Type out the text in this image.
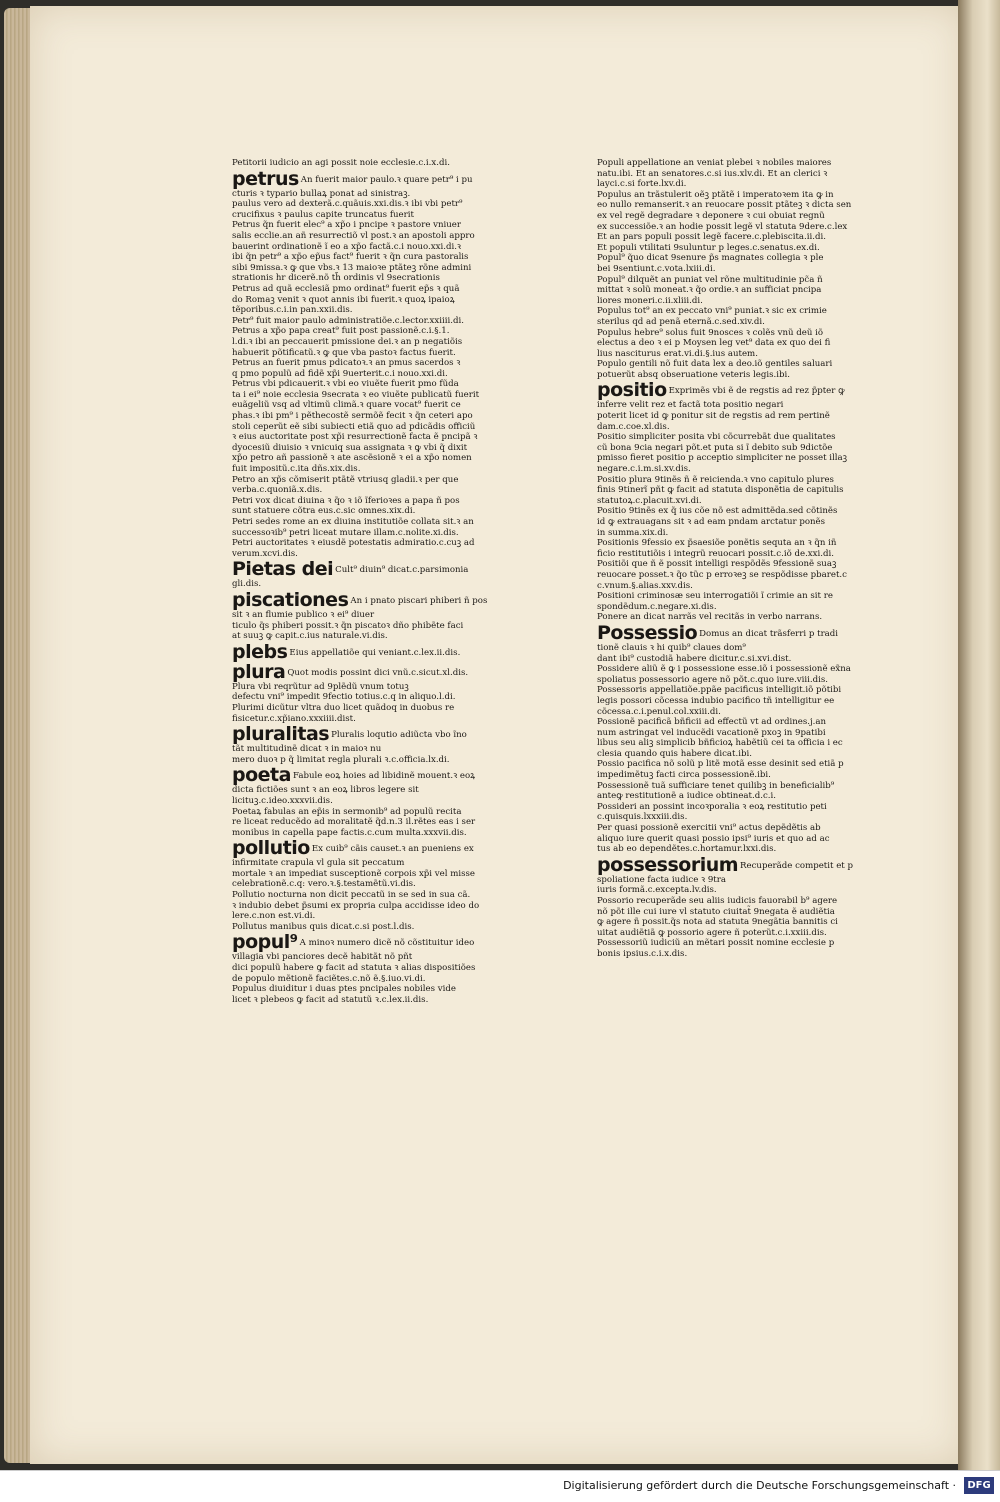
Petitorii iudicio an agi possit noie ecclesie.c.i.x.di.
petrus An fuerit maior paulo.ꝛ quare petr⁹ i pu
cturis ꝛ typario bullaꝝ ponat ad sinistraꝫ.
paulus vero ad dexterã.c.quãuis.xxi.dis.ꝛ ibi vbi petr⁹
crucifixus ꝛ paulus capite truncatus fuerit
Petrus q̃n fuerit elec⁹ a xp̃o i pncipe ꝛ pastore vniuer
salis ecclie.an añ resurrectiõ vl post.ꝛ an apostoli appro
bauerint ordinationẽ ĩ eo a xp̃o factã.c.i nouo.xxi.di.ꝛ
ibi q̃n petr⁹ a xp̃o ep̃us fact⁹ fuerit ꝛ q̃n cura pastoralis
sibi 9missa.ꝛ ꝙ que vbs.ꝛ 13 maioꝛe ptãteꝫ rõne admini
strationis hr dicerẽ.nõ th̃ ordinis vl 9secrationis
Petrus ad quã ecclesiã pmo ordinat⁹ fuerit ep̃s ꝛ quã
do Romaꝫ venit ꝛ quot annis ibi fuerit.ꝛ quoꝝ ipaioꝝ
tẽporibus.c.i.in pan.xxii.dis.
Petr⁹ fuit maior paulo administratiõe.c.lector.xxiiii.di.
Petrus a xp̃o papa creat⁹ fuit post passionẽ.c.i.§.1.
l.di.ꝛ ibi an peccauerit pmissione dei.ꝛ an p negatiõis
habuerit põtificatũ.ꝛ ꝙ que vba pastoꝛ factus fuerit.
Petrus an fuerit pmus pdicatoꝛ.ꝛ an pmus sacerdos ꝛ
q pmo populũ ad fidẽ xp̃i 9uerterit.c.i nouo.xxi.di.
Petrus vbi pdicauerit.ꝛ vbi eo viuẽte fuerit pmo fũda
ta i ei⁹ noie ecclesia 9secrata ꝛ eo viuẽte publicatũ fuerit
euãgeliũ vsq ad vltimũ climã.ꝛ quare vocat⁹ fuerit ce
phas.ꝛ ibi pm⁹ i pẽthecostẽ sermõẽ fecit ꝛ q̃n ceteri apo
stoli ceperũt eẽ sibi subiecti etiã quo ad pdicãdis officiũ
ꝛ eius auctoritate post xp̃i resurrectionẽ facta ẽ pncipã ꝛ
dyocesiũ diuisio ꝛ vnicuiq sua assignata ꝛ ꝙ vbi q̃ dixit
xp̃o petro añ passionẽ ꝛ ate ascẽsionẽ ꝛ ei a xp̃o nomen
fuit impositũ.c.ita dñs.xix.dis.
Petro an xp̃s cõmiserit ptãtẽ vtriusq gladii.ꝛ per que
verba.c.quoniã.x.dis.
Petri vox dicat diuina ꝛ q̃o ꝛ iõ ĩferioꝛes a papa ñ pos
sunt statuere cõtra eus.c.sic omnes.xix.di.
Petri sedes rome an ex diuina institutiõe collata sit.ꝛ an
successoꝛib⁹ petri liceat mutare illam.c.nolite.xi.dis.
Petri auctoritates ꝛ eiusdẽ potestatis admiratio.c.cuꝫ ad
verum.xcvi.dis.
Pietas dei Cult⁹ diuin⁹ dicat.c.parsimonia
gli.dis.
piscationes An i pnato piscari phiberi ñ pos
sit ꝛ an flumie publico ꝛ ei⁹ diuer
ticulo q̃s phiberi possit.ꝛ q̃n piscatoꝛ dño phibẽte faci
at suuꝫ ꝙ capit.c.ius naturale.vi.dis.
plebs Eius appellatiõe qui veniant.c.lex.ii.dis.
plura Quot modis possint dici vnũ.c.sicut.xl.dis.
Plura vbi reqrũtur ad 9plẽdũ vnum totuꝫ
defectu vni⁹ impedit 9fectio totius.c.q in aliquo.l.di.
Plurimi dicũtur vltra duo licet quãdoq in duobus re
fisicetur.c.xp̃iano.xxxiiii.dist.
pluralitas Pluralis loqutio adiũcta vbo ĩno
tãt multitudinẽ dicat ꝛ in maioꝛ nu
mero duoꝛ p q̃ limitat regla plurali ꝛ.c.officia.lx.di.
poeta Fabule eoꝝ hoies ad libidinẽ mouent.ꝛ eoꝝ
dicta fictiões sunt ꝛ an eoꝝ libros legere sit
licituꝫ.c.ideo.xxxvii.dis.
Poetaꝝ fabulas an ep̃is in sermonib⁹ ad populũ recita
re liceat reducẽdo ad moralitatẽ q̃d.n.3 il.rẽtes eas i ser
monibus in capella pape factis.c.cum multa.xxxvii.dis.
pollutio Ex cuib⁹ cãis causet.ꝛ an pueniens ex
infirmitate crapula vl gula sit peccatum
mortale ꝛ an impediat susceptionẽ corpois xp̃i vel misse
celebrationẽ.c.q: vero.ꝛ.§.testamẽtũ.vi.dis.
Pollutio nocturna non dicit peccatũ in se sed in sua cã.
ꝛ indubio debet p̃sumi ex propria culpa accidisse ideo do
lere.c.non est.vi.di.
Pollutus manibus quis dicat.c.si post.l.dis.
popul⁹ A minoꝛ numero dicẽ nõ cõstituitur ideo
villagia vbi panciores decẽ habitãt nõ pñt
dici populũ habere ꝙ facit ad statuta ꝛ alias dispositiões
de populo mẽtionẽ faciẽtes.c.nõ ẽ.§.iuo.vi.di.
Populus diuiditur i duas ptes pncipales nobiles vide
licet ꝛ plebeos ꝙ facit ad statutũ ꝛ.c.lex.ii.dis.
Populi appellatione an veniat plebei ꝛ nobiles maiores
natu.ibi. Et an senatores.c.si ius.xlv.di. Et an clerici ꝛ
layci.c.si forte.lxv.di.
Populus an trãstulerit oẽꝫ ptãtẽ i imperatoꝛem ita ꝙ in
eo nullo remanserit.ꝛ an reuocare possit ptãteꝫ ꝛ dicta sen
ex vel regẽ degradare ꝛ deponere ꝛ cui obuiat regnũ
ex successiõe.ꝛ an hodie possit legẽ vl statuta 9dere.c.lex
Et an pars populi possit legẽ facere.c.plebiscita.ii.di.
Et populi vtilitati 9suluntur p leges.c.senatus.ex.di.
Popul⁹ q̃uo dicat 9senure p̃s magnates collegia ꝛ ple
bei 9sentiunt.c.vota.lxiii.di.
Popul⁹ dilquẽt an puniat vel rõne multitudinie pc̃a ñ
mittat ꝛ solũ moneat.ꝛ q̃o ordie.ꝛ an sufficiat pncipa
liores moneri.c.ii.xliii.di.
Populus tot⁹ an ex peccato vni⁹ puniat.ꝛ sic ex crimie
sterilus qd ad penã eternã.c.sed.xiv.di.
Populus hebre⁹ solus fuit 9nosces ꝛ colẽs vnũ deũ iõ
electus a deo ꝛ ei p Moysen leg vet⁹ data ex quo dei fi
lius nasciturus erat.vi.di.§.ius autem.
Populo gentili nõ fuit data lex a deo.iõ gentiles saluari
potuerũt absq obseruatione veteris legis.ibi.
positio Exprimẽs vbi ẽ de regstis ad rez p̃pter ꝙ
inferre velit rez et factã tota positio negari
poterit licet id ꝙ ponitur sit de regstis ad rem pertinẽ
dam.c.coe.xl.dis.
Positio simpliciter posita vbi cõcurrebãt due qualitates
cũ bona 9cia negari põt.et puta si ĩ debito sub 9dictõe
pmisso fieret positio p acceptio simpliciter ne posset illaꝫ
negare.c.i.m.si.xv.dis.
Positio plura 9tinẽs ñ ẽ reicienda.ꝛ vno capitulo plures
finis 9tinerĩ pñt ꝙ facit ad statuta disponẽtia de capitulis
statutoꝝ.c.placuit.xvi.di.
Positio 9tinẽs ex q̃ ius cõe nõ est admittẽda.sed cõtinẽs
id ꝙ extrauagans sit ꝛ ad eam pndam arctatur ponẽs
in summa.xix.di.
Positionis 9fessio ex p̃saesiõe ponẽtis sequta an ꝛ q̃n iñ
ficio restitutiõis i integrũ reuocari possit.c.iõ de.xxi.di.
Positiõi que ñ ẽ possit intelligi respõdẽs 9fessionẽ suaꝫ
reuocare posset.ꝛ q̃o tũc p erroꝛeꝫ se respõdisse pbaret.c
c.vnum.§.alias.xxv.dis.
Positioni criminosæ seu interrogatiõi ĩ crimie an sit re
spondẽdum.c.negare.xi.dis.
Ponere an dicat narrãs vel recitãs in verbo narrans.
Possessio Domus an dicat trãsferri p tradi
tionẽ clauis ꝛ hi quib⁹ claues dom⁹
dant ibi⁹ custodiã habere dicitur.c.si.xvi.dist.
Possidere aliũ ẽ ꝙ i possessione esse.iõ i possessionẽ ex̃na
spoliatus possessorio agere nõ põt.c.quo iure.viii.dis.
Possessoris appellatiõe.ppãe pacificus intelligit.iõ põtibi
legis possori cõcessa indubio pacifico tñ intelligitur ee
cõcessa.c.i.penul.col.xxiii.di.
Possionẽ pacificã bñficii ad effectũ vt ad ordines.j.an
num astringat vel inducẽdi vacationẽ pxoꝫ in 9patibi
libus seu aliꝫ simplicib bñficioꝝ habẽtiũ cei ta officia i ec
clesia quando quis habere dicat.ibi.
Possio pacifica nõ solũ p litẽ motã esse desinit sed etiã p
impedimẽtuꝫ facti circa possessionẽ.ibi.
Possessionẽ tuã sufficiare tenet quilibꝫ in beneficialib⁹
anteꝙ restitutionẽ a iudice obtineat.d.c.i.
Possideri an possint incoꝛporalia ꝛ eoꝝ restitutio peti
c.quisquis.lxxxiii.dis.
Per quasi possionẽ exercitii vni⁹ actus depẽdẽtis ab
aliquo iure querit quasi possio ipsi⁹ iuris et quo ad ac
tus ab eo dependẽtes.c.hortamur.lxxi.dis.
possessorium Recuperãde competit et p
spoliatione facta iudice ꝛ 9tra
iuris formã.c.excepta.lv.dis.
Possorio recuperãde seu aliis iudicis fauorabil b⁹ agere
nõ põt ille cui iure vl statuto ciuitat̃ 9negata ẽ audiẽtia
ꝙ agere ñ possit.q̃s nota ad statuta 9negãtia bannitis ci
uitat audiẽtiã ꝙ possorio agere ñ poterũt.c.i.xxiii.dis.
Possessoriũ iudiciũ an mẽtari possit nomine ecclesie p
bonis ipsius.c.i.x.dis.
Digitalisierung gefördert durch die Deutsche Forschungsgemeinschaft ·	DFG
